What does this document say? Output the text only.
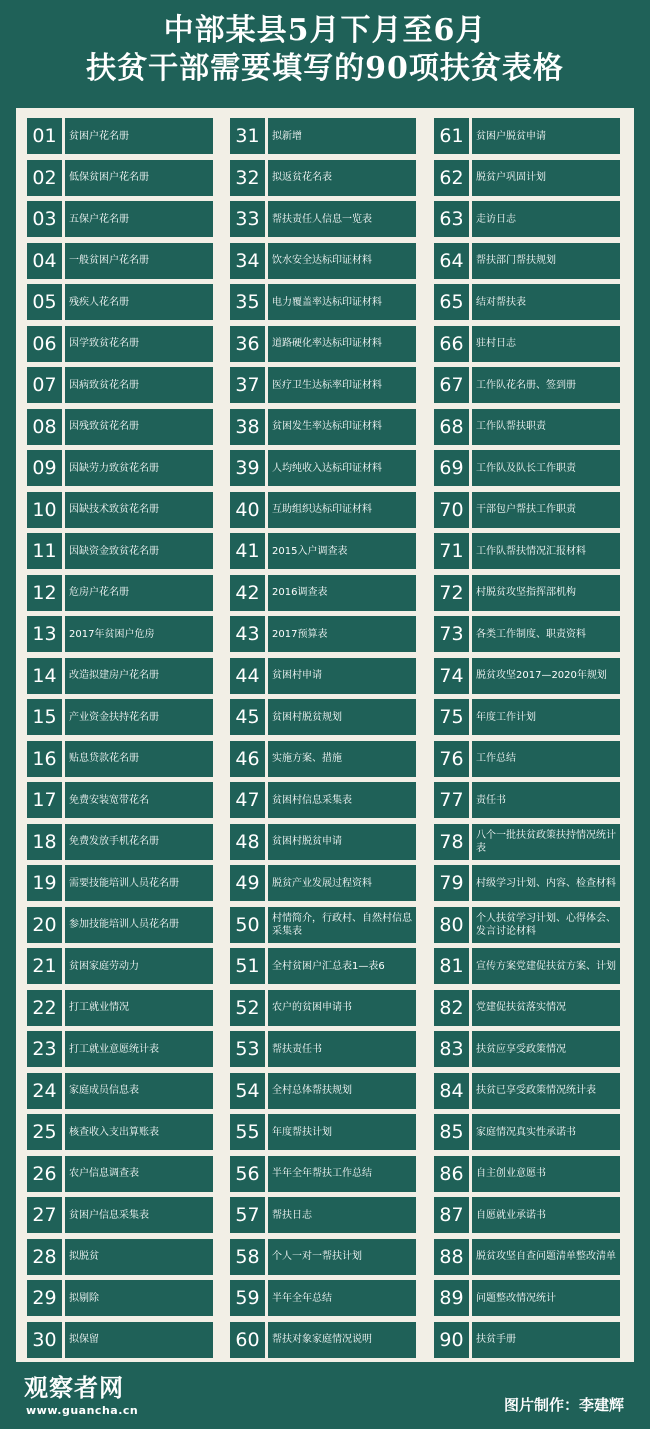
中部某县5月下月至6月
扶贫干部需要填写的90项扶贫表格
01	贫困户花名册
02	低保贫困户花名册
03	五保户花名册
04	一般贫困户花名册
05	残疾人花名册
06	因学致贫花名册
07	因病致贫花名册
08	因残致贫花名册
09	因缺劳力致贫花名册
10	因缺技术致贫花名册
11	因缺资金致贫花名册
12	危房户花名册
13	2017年贫困户危房
14	改造拟建房户花名册
15	产业资金扶持花名册
16	贴息贷款花名册
17	免费安装宽带花名
18	免费发放手机花名册
19	需要技能培训人员花名册
20	参加技能培训人员花名册
21	贫困家庭劳动力
22	打工就业情况
23	打工就业意愿统计表
24	家庭成员信息表
25	核查收入支出算账表
26	农户信息调查表
27	贫困户信息采集表
28	拟脱贫
29	拟剔除
30	拟保留
31	拟新增
32	拟返贫花名表
33	帮扶责任人信息一览表
34	饮水安全达标印证材料
35	电力覆盖率达标印证材料
36	道路硬化率达标印证材料
37	医疗卫生达标率印证材料
38	贫困发生率达标印证材料
39	人均纯收入达标印证材料
40	互助组织达标印证材料
41	2015入户调查表
42	2016调查表
43	2017预算表
44	贫困村申请
45	贫困村脱贫规划
46	实施方案、措施
47	贫困村信息采集表
48	贫困村脱贫申请
49	脱贫产业发展过程资料
50	村情简介，行政村、自然村信息采集表
51	全村贫困户汇总表1—表6
52	农户的贫困申请书
53	帮扶责任书
54	全村总体帮扶规划
55	年度帮扶计划
56	半年全年帮扶工作总结
57	帮扶日志
58	个人一对一帮扶计划
59	半年全年总结
60	帮扶对象家庭情况说明
61	贫困户脱贫申请
62	脱贫户巩固计划
63	走访日志
64	帮扶部门帮扶规划
65	结对帮扶表
66	驻村日志
67	工作队花名册、签到册
68	工作队帮扶职责
69	工作队及队长工作职责
70	干部包户帮扶工作职责
71	工作队帮扶情况汇报材料
72	村脱贫攻坚指挥部机构
73	各类工作制度、职责资料
74	脱贫攻坚2017—2020年规划
75	年度工作计划
76	工作总结
77	责任书
78	八个一批扶贫政策扶持情况统计表
79	村级学习计划、内容、检查材料
80	个人扶贫学习计划、心得体会、发言讨论材料
81	宣传方案党建促扶贫方案、计划
82	党建促扶贫落实情况
83	扶贫应享受政策情况
84	扶贫已享受政策情况统计表
85	家庭情况真实性承诺书
86	自主创业意愿书
87	自愿就业承诺书
88	脱贫攻坚自查问题清单整改清单
89	问题整改情况统计
90	扶贫手册
观察者网
www.guancha.cn	图片制作：李建辉
